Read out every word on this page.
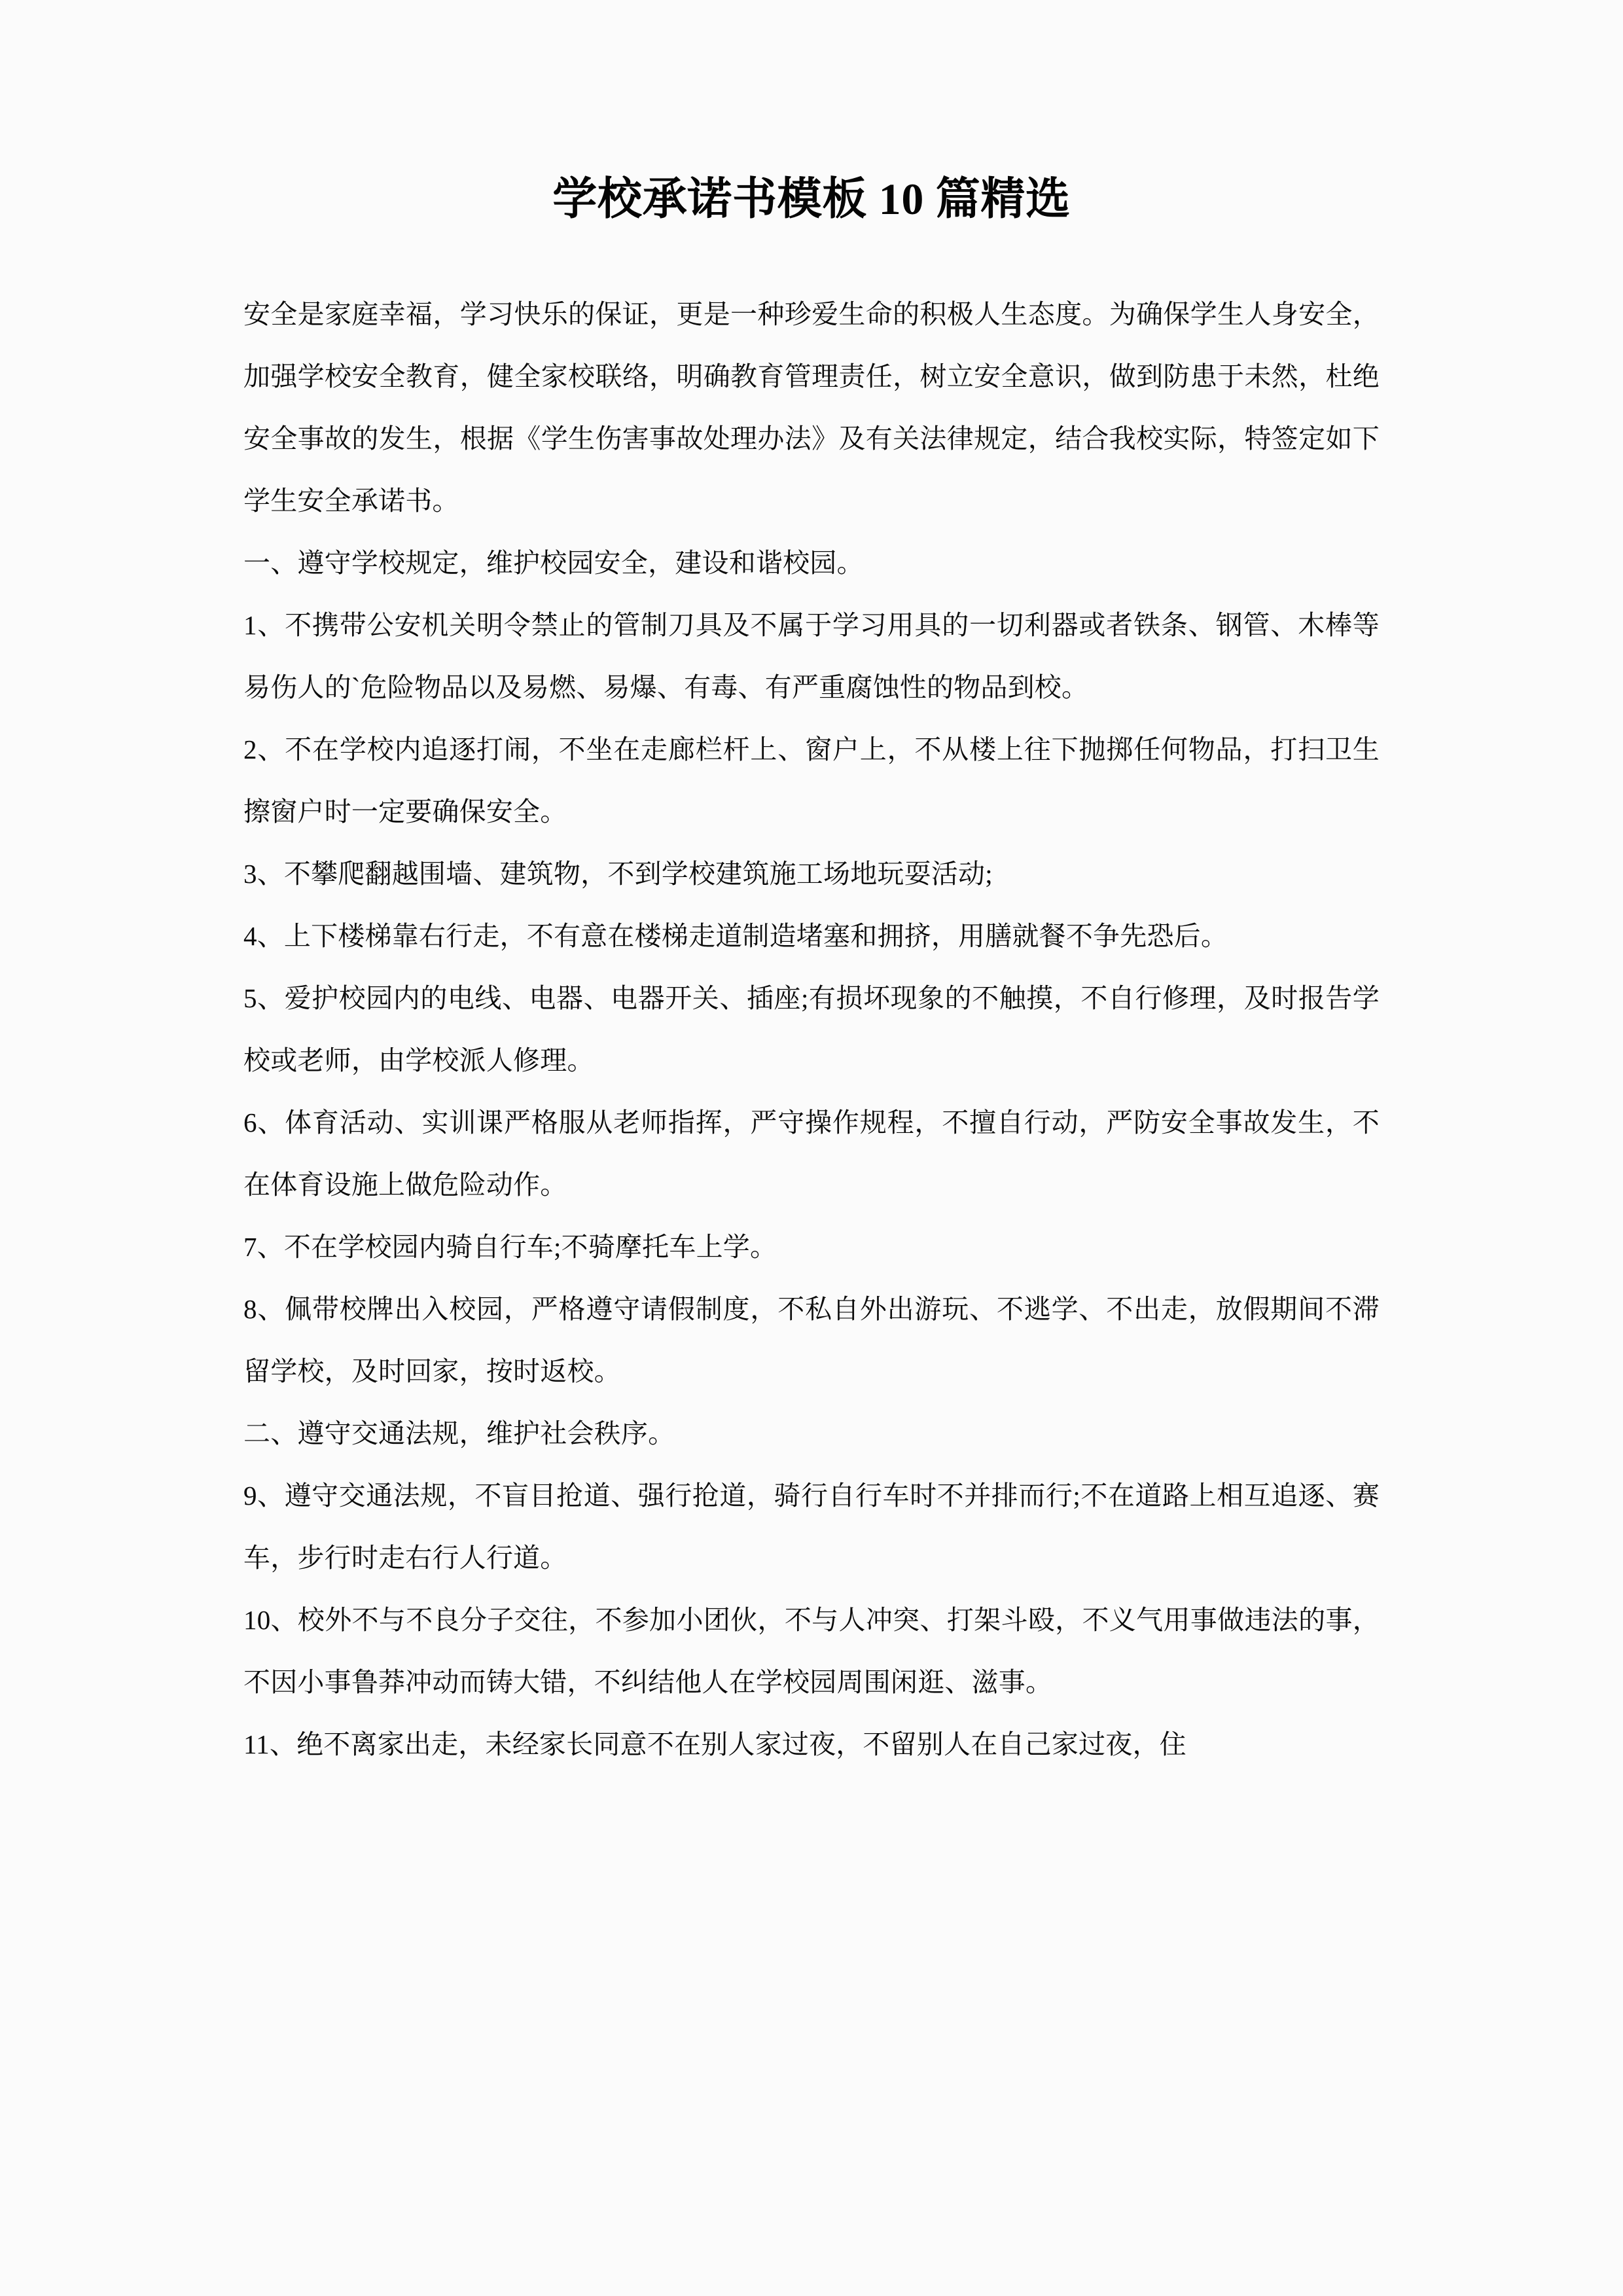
学校承诺书模板 10 篇精选

安全是家庭幸福，学习快乐的保证，更是一种珍爱生命的积极人生态度。为确保学生人身安全，加强学校安全教育，健全家校联络，明确教育管理责任，树立安全意识，做到防患于未然，杜绝安全事故的发生，根据《学生伤害事故处理办法》及有关法律规定，结合我校实际，特签定如下学生安全承诺书。

一、遵守学校规定，维护校园安全，建设和谐校园。

1、不携带公安机关明令禁止的管制刀具及不属于学习用具的一切利器或者铁条、钢管、木棒等易伤人的`危险物品以及易燃、易爆、有毒、有严重腐蚀性的物品到校。

2、不在学校内追逐打闹，不坐在走廊栏杆上、窗户上，不从楼上往下抛掷任何物品，打扫卫生擦窗户时一定要确保安全。

3、不攀爬翻越围墙、建筑物，不到学校建筑施工场地玩耍活动;

4、上下楼梯靠右行走，不有意在楼梯走道制造堵塞和拥挤，用膳就餐不争先恐后。

5、爱护校园内的电线、电器、电器开关、插座;有损坏现象的不触摸，不自行修理，及时报告学校或老师，由学校派人修理。

6、体育活动、实训课严格服从老师指挥，严守操作规程，不擅自行动，严防安全事故发生，不在体育设施上做危险动作。

7、不在学校园内骑自行车;不骑摩托车上学。

8、佩带校牌出入校园，严格遵守请假制度，不私自外出游玩、不逃学、不出走，放假期间不滞留学校，及时回家，按时返校。

二、遵守交通法规，维护社会秩序。

9、遵守交通法规，不盲目抢道、强行抢道，骑行自行车时不并排而行;不在道路上相互追逐、赛车，步行时走右行人行道。

10、校外不与不良分子交往，不参加小团伙，不与人冲突、打架斗殴，不义气用事做违法的事，不因小事鲁莽冲动而铸大错，不纠结他人在学校园周围闲逛、滋事。

11、绝不离家出走，未经家长同意不在别人家过夜，不留别人在自己家过夜，住
